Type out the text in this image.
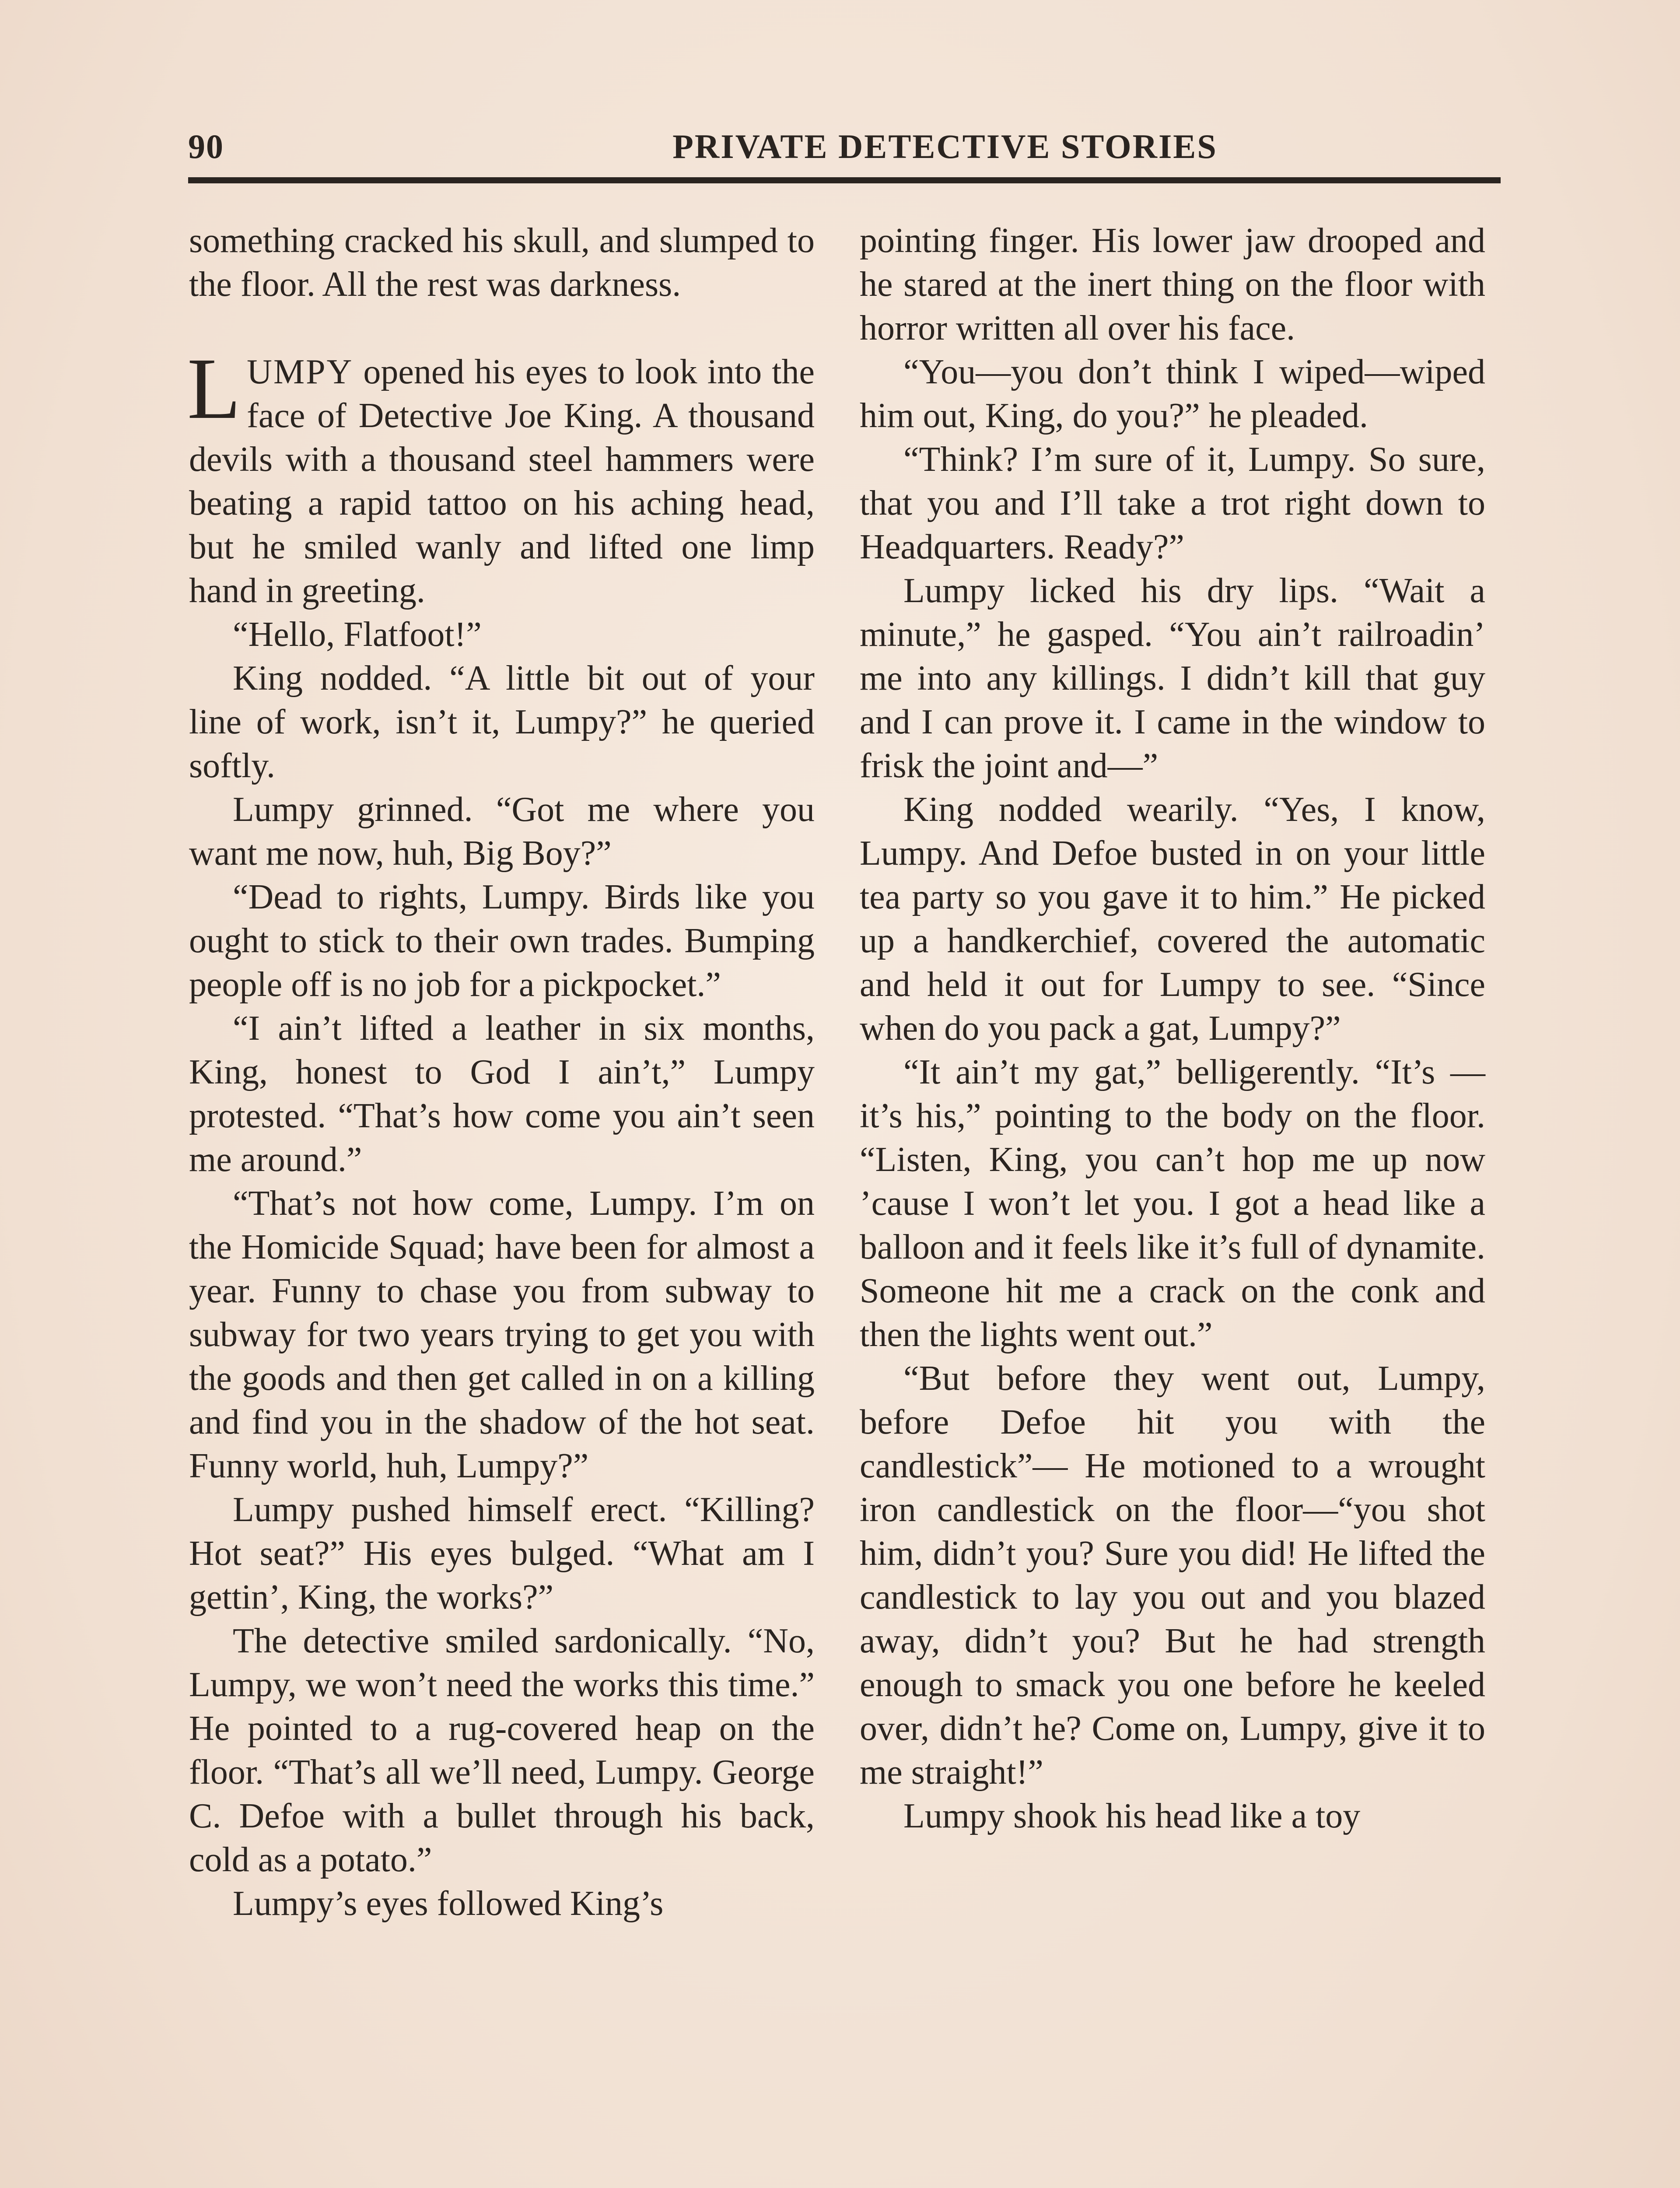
90	PRIVATE DETECTIVE STORIES

something cracked his skull, and slumped to the floor. All the rest was darkness.

LUMPY opened his eyes to look into the face of Detective Joe King. A thousand devils with a thousand steel hammers were beating a rapid tattoo on his aching head, but he smiled wanly and lifted one limp hand in greeting.

“Hello, Flatfoot!”

King nodded. “A little bit out of your line of work, isn’t it, Lumpy?” he queried softly.

Lumpy grinned. “Got me where you want me now, huh, Big Boy?”

“Dead to rights, Lumpy. Birds like you ought to stick to their own trades. Bumping people off is no job for a pickpocket.”

“I ain’t lifted a leather in six months, King, honest to God I ain’t,” Lumpy protested. “That’s how come you ain’t seen me around.”

“That’s not how come, Lumpy. I’m on the Homicide Squad; have been for almost a year. Funny to chase you from subway to subway for two years trying to get you with the goods and then get called in on a killing and find you in the shadow of the hot seat. Funny world, huh, Lumpy?”

Lumpy pushed himself erect. “Killing? Hot seat?” His eyes bulged. “What am I gettin’, King, the works?”

The detective smiled sardonically. “No, Lumpy, we won’t need the works this time.” He pointed to a rug-covered heap on the floor. “That’s all we’ll need, Lumpy. George C. Defoe with a bullet through his back, cold as a potato.”

Lumpy’s eyes followed King’s

pointing finger. His lower jaw drooped and he stared at the inert thing on the floor with horror written all over his face.

“You—you don’t think I wiped—wiped him out, King, do you?” he pleaded.

“Think? I’m sure of it, Lumpy. So sure, that you and I’ll take a trot right down to Headquarters. Ready?”

Lumpy licked his dry lips. “Wait a minute,” he gasped. “You ain’t railroadin’ me into any killings. I didn’t kill that guy and I can prove it. I came in the window to frisk the joint and—”

King nodded wearily. “Yes, I know, Lumpy. And Defoe busted in on your little tea party so you gave it to him.” He picked up a handkerchief, covered the automatic and held it out for Lumpy to see. “Since when do you pack a gat, Lumpy?”

“It ain’t my gat,” belligerently. “It’s —it’s his,” pointing to the body on the floor. “Listen, King, you can’t hop me up now ’cause I won’t let you. I got a head like a balloon and it feels like it’s full of dynamite. Someone hit me a crack on the conk and then the lights went out.”

“But before they went out, Lumpy, before Defoe hit you with the candlestick”— He motioned to a wrought iron candlestick on the floor—“you shot him, didn’t you? Sure you did! He lifted the candlestick to lay you out and you blazed away, didn’t you? But he had strength enough to smack you one before he keeled over, didn’t he? Come on, Lumpy, give it to me straight!”

Lumpy shook his head like a toy
